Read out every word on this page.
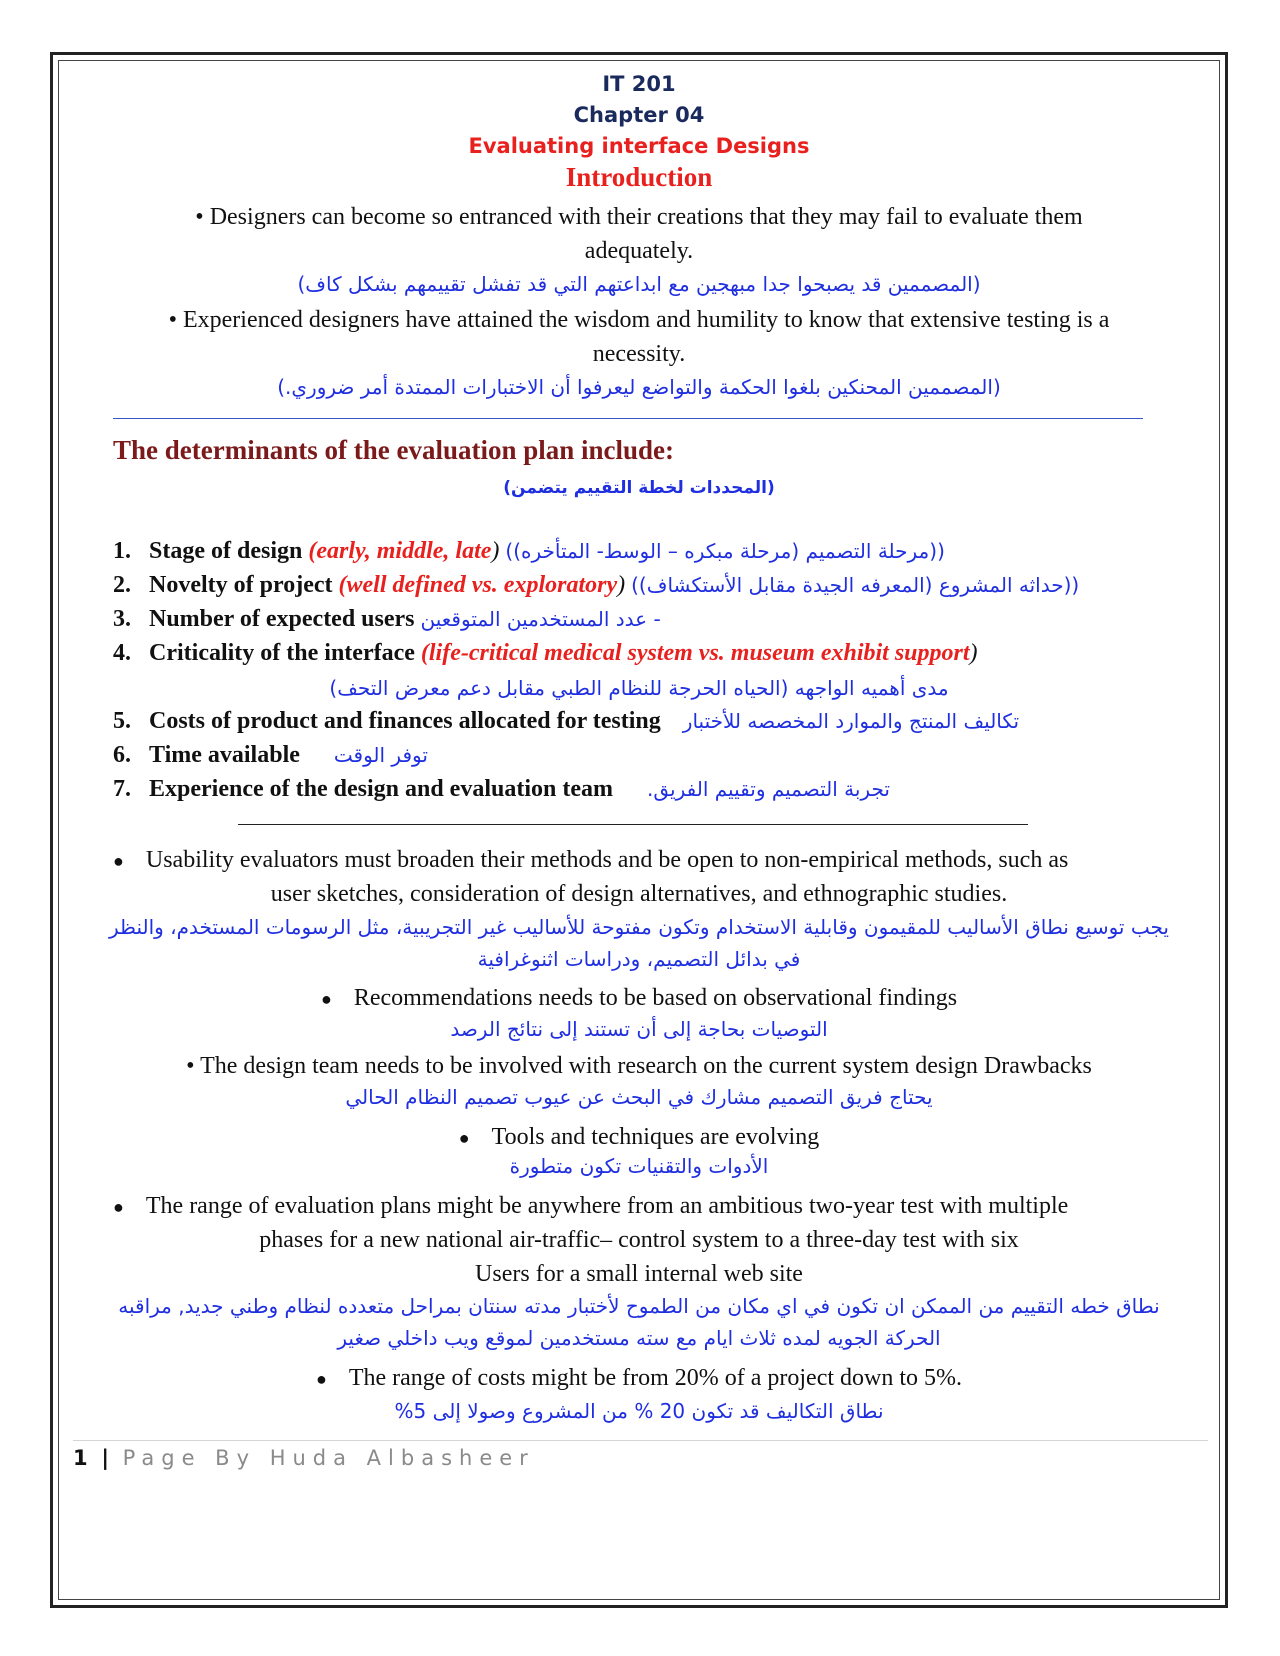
IT 201
Chapter 04
Evaluating interface Designs
Introduction
• Designers can become so entranced with their creations that they may fail to evaluate them
adequately.
(المصممين قد يصبحوا جدا مبهجين مع ابداعتهم التي قد تفشل تقييمهم بشكل كاف)
• Experienced designers have attained the wisdom and humility to know that extensive testing is a
necessity.
(المصممين المحنكين بلغوا الحكمة والتواضع ليعرفوا أن الاختبارات الممتدة أمر ضروري.)
The determinants of the evaluation plan include:
(المحددات لخطة التقييم يتضمن)
1. Stage of design (early, middle, late) ((مرحلة التصميم (مرحلة مبكره – الوسط- المتأخره))
2. Novelty of project (well defined vs. exploratory) ((حداثه المشروع (المعرفه الجيدة مقابل الأستكشاف))
3. Number of expected users - عدد المستخدمين المتوقعين
4. Criticality of the interface (life-critical medical system vs. museum exhibit support)
مدى أهميه الواجهه (الحياه الحرجة للنظام الطبي مقابل دعم معرض التحف)
5. Costs of product and finances allocated for testing تكاليف المنتج والموارد المخصصه للأختبار
6. Time available توفر الوقت
7. Experience of the design and evaluation team تجربة التصميم وتقييم الفريق.
● Usability evaluators must broaden their methods and be open to non-empirical methods, such as
user sketches, consideration of design alternatives, and ethnographic studies.
يجب توسيع نطاق الأساليب للمقيمون وقابلية الاستخدام وتكون مفتوحة للأساليب غير التجريبية، مثل الرسومات المستخدم، والنظر
في بدائل التصميم، ودراسات اثنوغرافية
● Recommendations needs to be based on observational findings
التوصيات بحاجة إلى أن تستند إلى نتائج الرصد
• The design team needs to be involved with research on the current system design Drawbacks
يحتاج فريق التصميم مشارك في البحث عن عيوب تصميم النظام الحالي
● Tools and techniques are evolving
الأدوات والتقنيات تكون متطورة
● The range of evaluation plans might be anywhere from an ambitious two-year test with multiple
phases for a new national air-traffic– control system to a three-day test with six
Users for a small internal web site
نطاق خطه التقييم من الممكن ان تكون في اي مكان من الطموح لأختبار مدته سنتان بمراحل متعدده لنظام وطني جديد, مراقبه
الحركة الجويه لمده ثلاث ايام مع سته مستخدمين لموقع ويب داخلي صغير
● The range of costs might be from 20% of a project down to 5%.
نطاق التكاليف قد تكون 20 % من المشروع وصولا إلى 5%
1 | Page By Huda Albasheer
